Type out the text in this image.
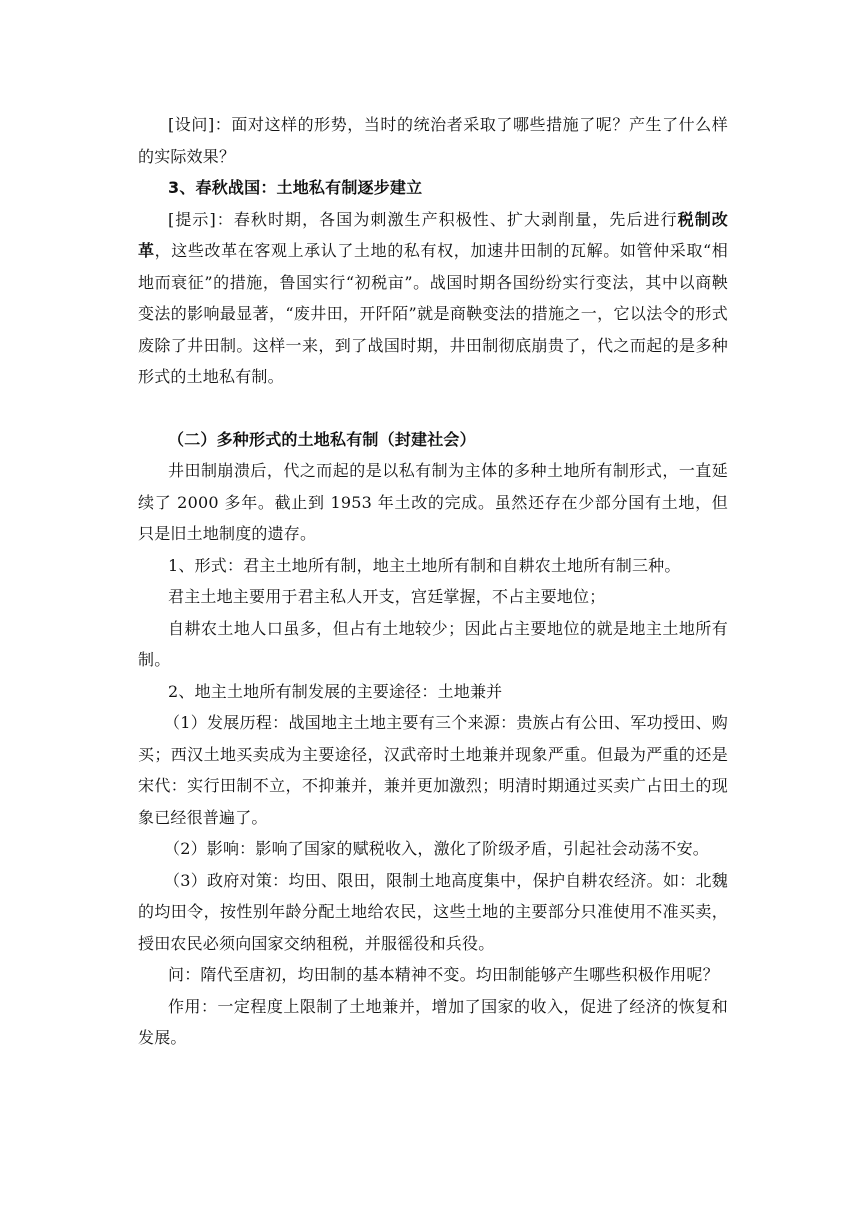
[设问]：面对这样的形势，当时的统治者采取了哪些措施了呢？产生了什么样的实际效果？

3、春秋战国：土地私有制逐步建立

[提示]：春秋时期，各国为刺激生产积极性、扩大剥削量，先后进行税制改革，这些改革在客观上承认了土地的私有权，加速井田制的瓦解。如管仲采取“相地而衰征”的措施，鲁国实行“初税亩”。战国时期各国纷纷实行变法，其中以商鞅变法的影响最显著，“废井田，开阡陌”就是商鞅变法的措施之一，它以法令的形式废除了井田制。这样一来，到了战国时期，井田制彻底崩贵了，代之而起的是多种形式的土地私有制。

（二）多种形式的土地私有制（封建社会）

井田制崩溃后，代之而起的是以私有制为主体的多种土地所有制形式，一直延续了 2000 多年。截止到 1953 年土改的完成。虽然还存在少部分国有土地，但只是旧土地制度的遗存。

1、形式：君主土地所有制，地主土地所有制和自耕农土地所有制三种。

君主土地主要用于君主私人开支，宫廷掌握，不占主要地位；

自耕农土地人口虽多，但占有土地较少；因此占主要地位的就是地主土地所有制。

2、地主土地所有制发展的主要途径：土地兼并

（1）发展历程：战国地主土地主要有三个来源：贵族占有公田、军功授田、购买；西汉土地买卖成为主要途径，汉武帝时土地兼并现象严重。但最为严重的还是宋代：实行田制不立，不抑兼并，兼并更加激烈；明清时期通过买卖广占田土的现象已经很普遍了。

（2）影响：影响了国家的赋税收入，激化了阶级矛盾，引起社会动荡不安。

（3）政府对策：均田、限田，限制土地高度集中，保护自耕农经济。如：北魏的均田令，按性别年龄分配土地给农民，这些土地的主要部分只准使用不准买卖，授田农民必须向国家交纳租税，并服徭役和兵役。

问：隋代至唐初，均田制的基本精神不变。均田制能够产生哪些积极作用呢？

作用：一定程度上限制了土地兼并，增加了国家的收入，促进了经济的恢复和发展。
